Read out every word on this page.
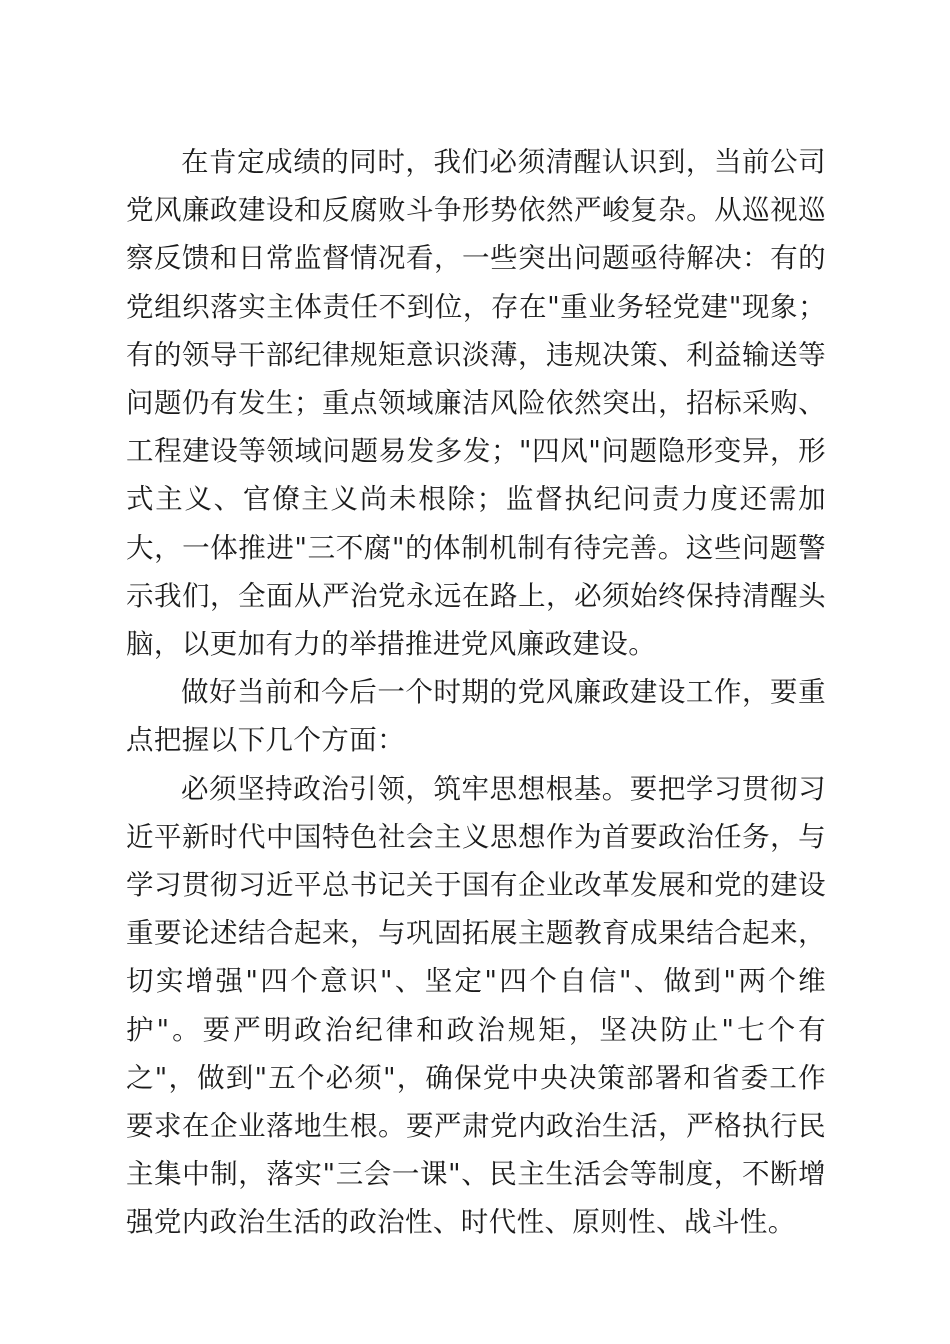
在肯定成绩的同时，我们必须清醒认识到，当前公司党风廉政建设和反腐败斗争形势依然严峻复杂。从巡视巡察反馈和日常监督情况看，一些突出问题亟待解决：有的党组织落实主体责任不到位，存在"重业务轻党建"现象；有的领导干部纪律规矩意识淡薄，违规决策、利益输送等问题仍有发生；重点领域廉洁风险依然突出，招标采购、工程建设等领域问题易发多发；"四风"问题隐形变异，形式主义、官僚主义尚未根除；监督执纪问责力度还需加大，一体推进"三不腐"的体制机制有待完善。这些问题警示我们，全面从严治党永远在路上，必须始终保持清醒头脑，以更加有力的举措推进党风廉政建设。

做好当前和今后一个时期的党风廉政建设工作，要重点把握以下几个方面：

必须坚持政治引领，筑牢思想根基。要把学习贯彻习近平新时代中国特色社会主义思想作为首要政治任务，与学习贯彻习近平总书记关于国有企业改革发展和党的建设重要论述结合起来，与巩固拓展主题教育成果结合起来，切实增强"四个意识"、坚定"四个自信"、做到"两个维护"。要严明政治纪律和政治规矩，坚决防止"七个有之"，做到"五个必须"，确保党中央决策部署和省委工作要求在企业落地生根。要严肃党内政治生活，严格执行民主集中制，落实"三会一课"、民主生活会等制度，不断增强党内政治生活的政治性、时代性、原则性、战斗性。
